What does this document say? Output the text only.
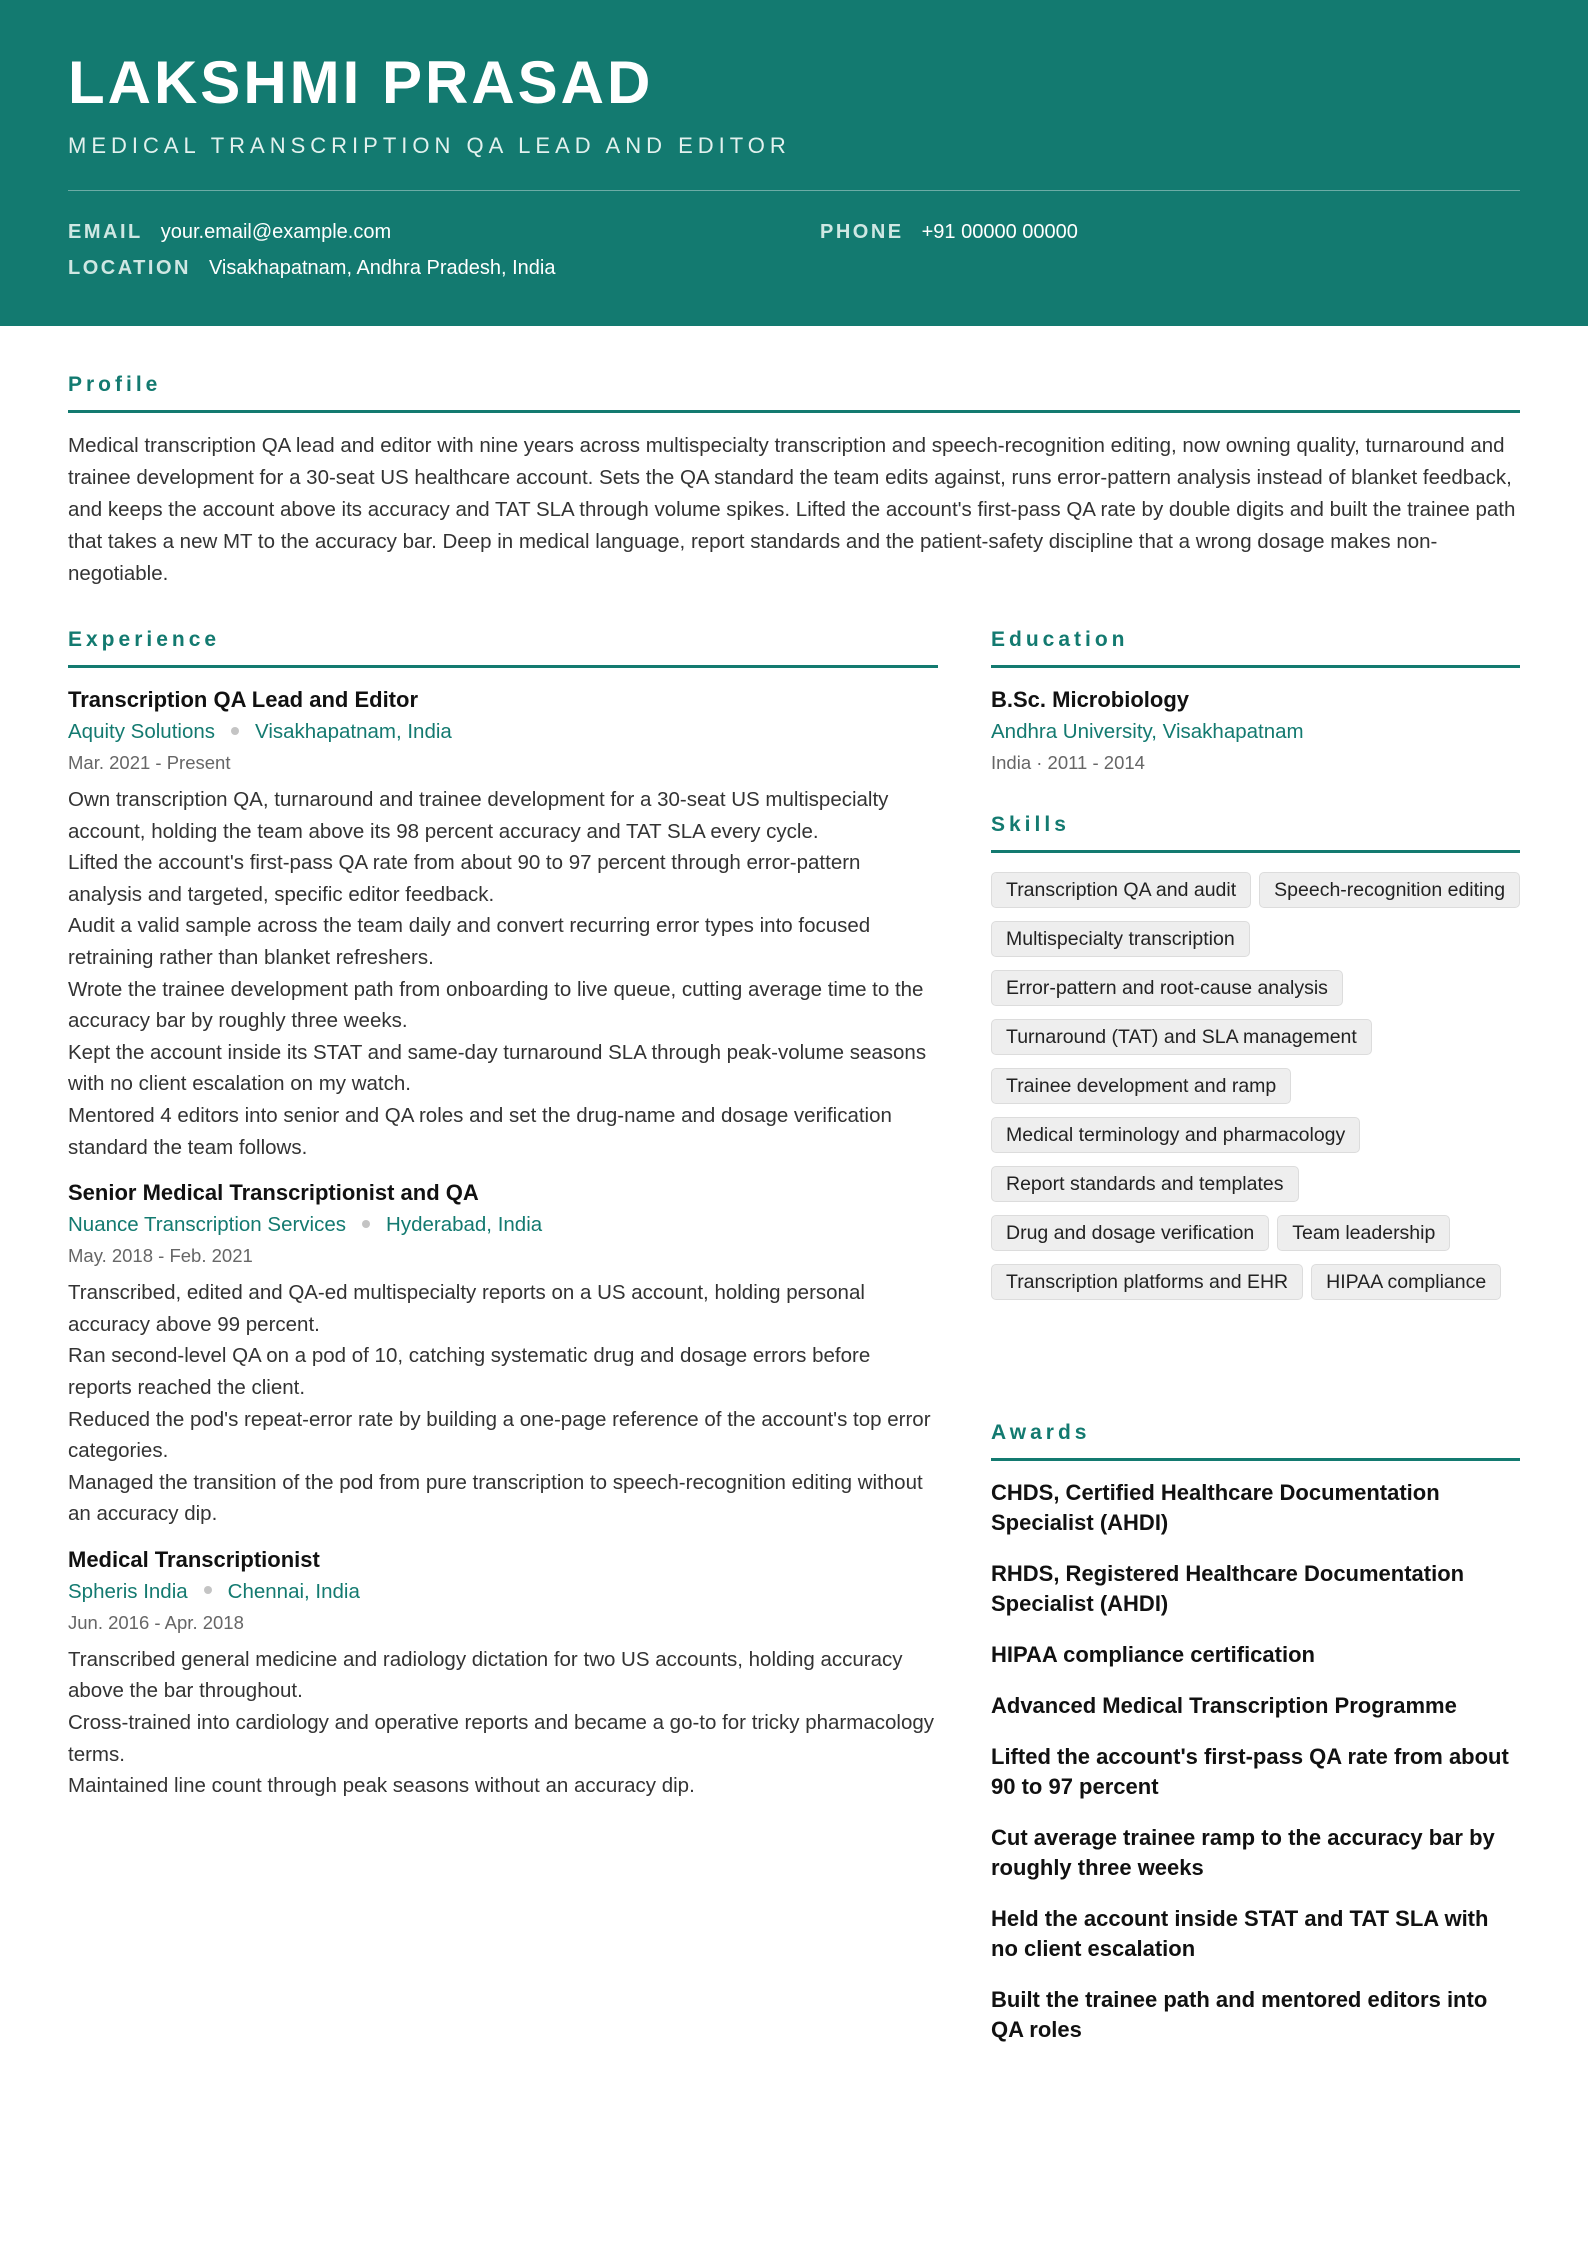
LAKSHMI PRASAD
MEDICAL TRANSCRIPTION QA LEAD AND EDITOR
EMAIL your.email@example.com	PHONE +91 00000 00000
LOCATION Visakhapatnam, Andhra Pradesh, India
Profile
Medical transcription QA lead and editor with nine years across multispecialty transcription and speech-recognition editing, now owning quality, turnaround and trainee development for a 30-seat US healthcare account. Sets the QA standard the team edits against, runs error-pattern analysis instead of blanket feedback, and keeps the account above its accuracy and TAT SLA through volume spikes. Lifted the account's first-pass QA rate by double digits and built the trainee path that takes a new MT to the accuracy bar. Deep in medical language, report standards and the patient-safety discipline that a wrong dosage makes non-negotiable.
Experience
Transcription QA Lead and Editor
Aquity Solutions Visakhapatnam, India
Mar. 2021 - Present
Own transcription QA, turnaround and trainee development for a 30-seat US multispecialty account, holding the team above its 98 percent accuracy and TAT SLA every cycle.
Lifted the account's first-pass QA rate from about 90 to 97 percent through error-pattern analysis and targeted, specific editor feedback.
Audit a valid sample across the team daily and convert recurring error types into focused retraining rather than blanket refreshers.
Wrote the trainee development path from onboarding to live queue, cutting average time to the accuracy bar by roughly three weeks.
Kept the account inside its STAT and same-day turnaround SLA through peak-volume seasons with no client escalation on my watch.
Mentored 4 editors into senior and QA roles and set the drug-name and dosage verification standard the team follows.
Senior Medical Transcriptionist and QA
Nuance Transcription Services Hyderabad, India
May. 2018 - Feb. 2021
Transcribed, edited and QA-ed multispecialty reports on a US account, holding personal accuracy above 99 percent.
Ran second-level QA on a pod of 10, catching systematic drug and dosage errors before reports reached the client.
Reduced the pod's repeat-error rate by building a one-page reference of the account's top error categories.
Managed the transition of the pod from pure transcription to speech-recognition editing without an accuracy dip.
Medical Transcriptionist
Spheris India Chennai, India
Jun. 2016 - Apr. 2018
Transcribed general medicine and radiology dictation for two US accounts, holding accuracy above the bar throughout.
Cross-trained into cardiology and operative reports and became a go-to for tricky pharmacology terms.
Maintained line count through peak seasons without an accuracy dip.
Education
B.Sc. Microbiology
Andhra University, Visakhapatnam
India · 2011 - 2014
Skills
Transcription QA and audit	Speech-recognition editing
Multispecialty transcription
Error-pattern and root-cause analysis
Turnaround (TAT) and SLA management
Trainee development and ramp
Medical terminology and pharmacology
Report standards and templates
Drug and dosage verification	Team leadership
Transcription platforms and EHR	HIPAA compliance
Awards
CHDS, Certified Healthcare Documentation Specialist (AHDI)
RHDS, Registered Healthcare Documentation Specialist (AHDI)
HIPAA compliance certification
Advanced Medical Transcription Programme
Lifted the account's first-pass QA rate from about 90 to 97 percent
Cut average trainee ramp to the accuracy bar by roughly three weeks
Held the account inside STAT and TAT SLA with no client escalation
Built the trainee path and mentored editors into QA roles
